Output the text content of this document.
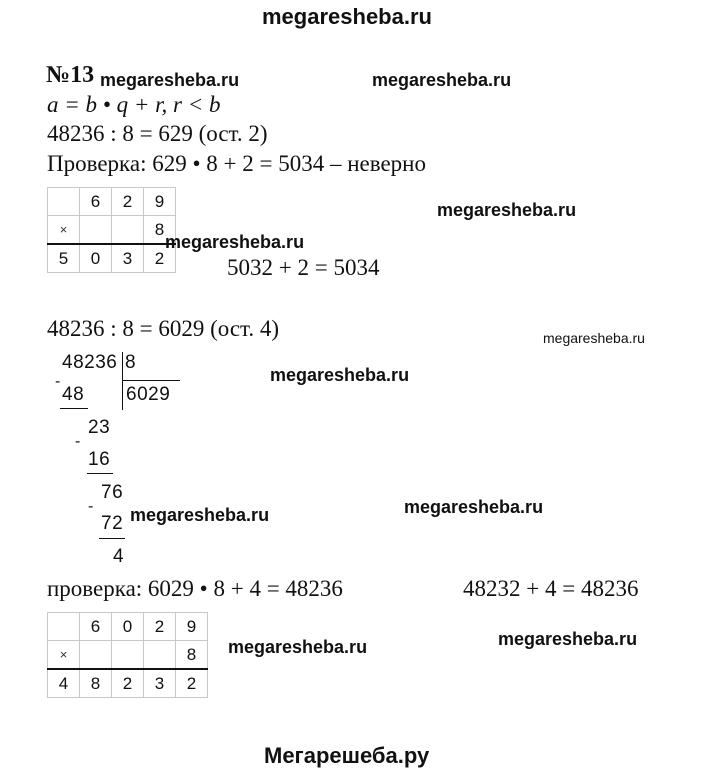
megaresheba.ru
№13 megaresheba.ru	megaresheba.ru
a = b • q + r, r < b
48236 : 8 = 629 (ост. 2)
Проверка: 629 • 8 + 2 = 5034 – неверно
	6	2	9
×			8
5	0	3	2
megaresheba.ru
megaresheba.ru
5032 + 2 = 5034
48236 : 8 = 6029 (ост. 4)	megaresheba.ru
48236 8
6029
-
48
23
-
16
76
-
72
4
megaresheba.ru
megaresheba.ru
megaresheba.ru
проверка: 6029 • 8 + 4 = 48236	48232 + 4 = 48236
	6	0	2	9
×				8
4	8	2	3	2
megaresheba.ru	megaresheba.ru
Мегарешеба.ру
